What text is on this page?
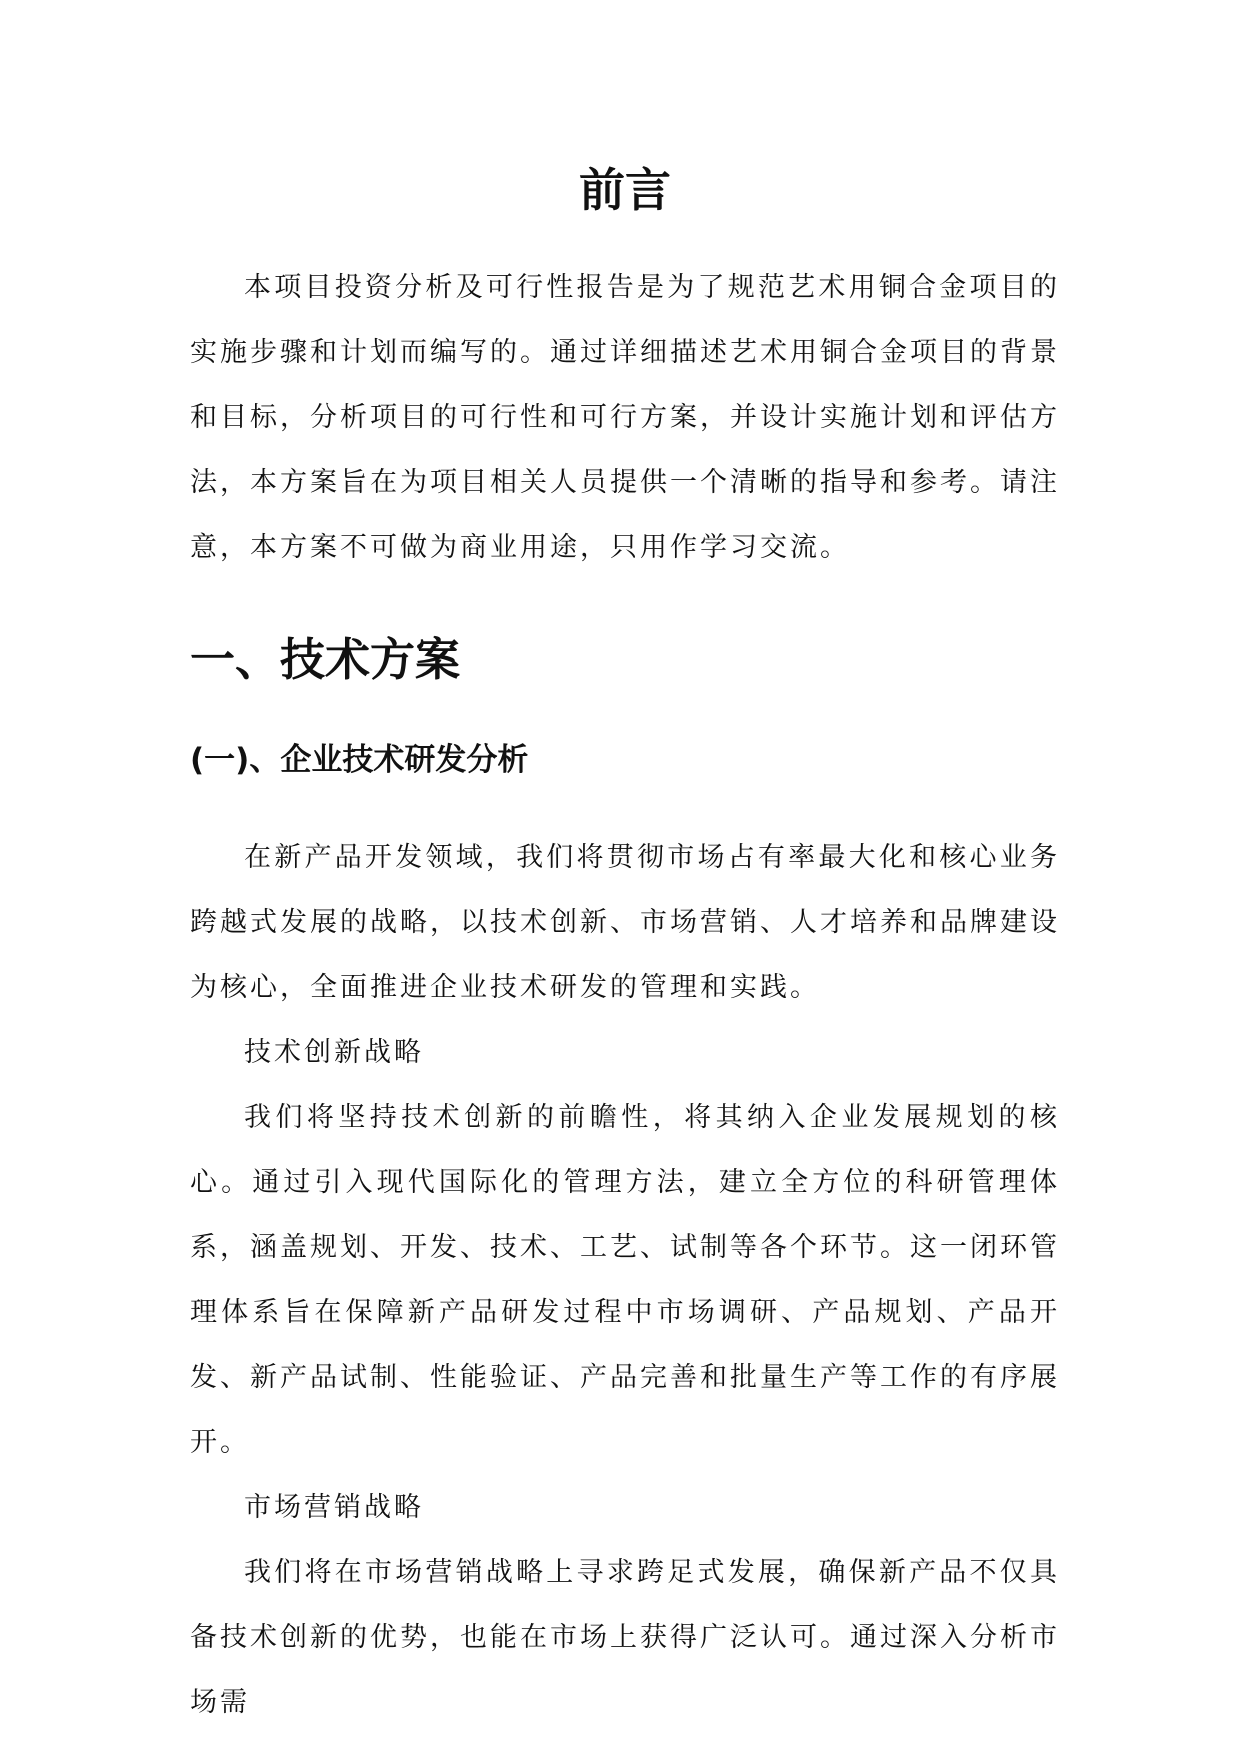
前言

本项目投资分析及可行性报告是为了规范艺术用铜合金项目的实施步骤和计划而编写的。通过详细描述艺术用铜合金项目的背景和目标，分析项目的可行性和可行方案，并设计实施计划和评估方法，本方案旨在为项目相关人员提供一个清晰的指导和参考。请注意，本方案不可做为商业用途，只用作学习交流。

一、技术方案
(一)、企业技术研发分析

在新产品开发领域，我们将贯彻市场占有率最大化和核心业务跨越式发展的战略，以技术创新、市场营销、人才培养和品牌建设为核心，全面推进企业技术研发的管理和实践。

技术创新战略

我们将坚持技术创新的前瞻性，将其纳入企业发展规划的核心。通过引入现代国际化的管理方法，建立全方位的科研管理体系，涵盖规划、开发、技术、工艺、试制等各个环节。这一闭环管理体系旨在保障新产品研发过程中市场调研、产品规划、产品开发、新产品试制、性能验证、产品完善和批量生产等工作的有序展开。

市场营销战略

我们将在市场营销战略上寻求跨足式发展，确保新产品不仅具备技术创新的优势，也能在市场上获得广泛认可。通过深入分析市场需
